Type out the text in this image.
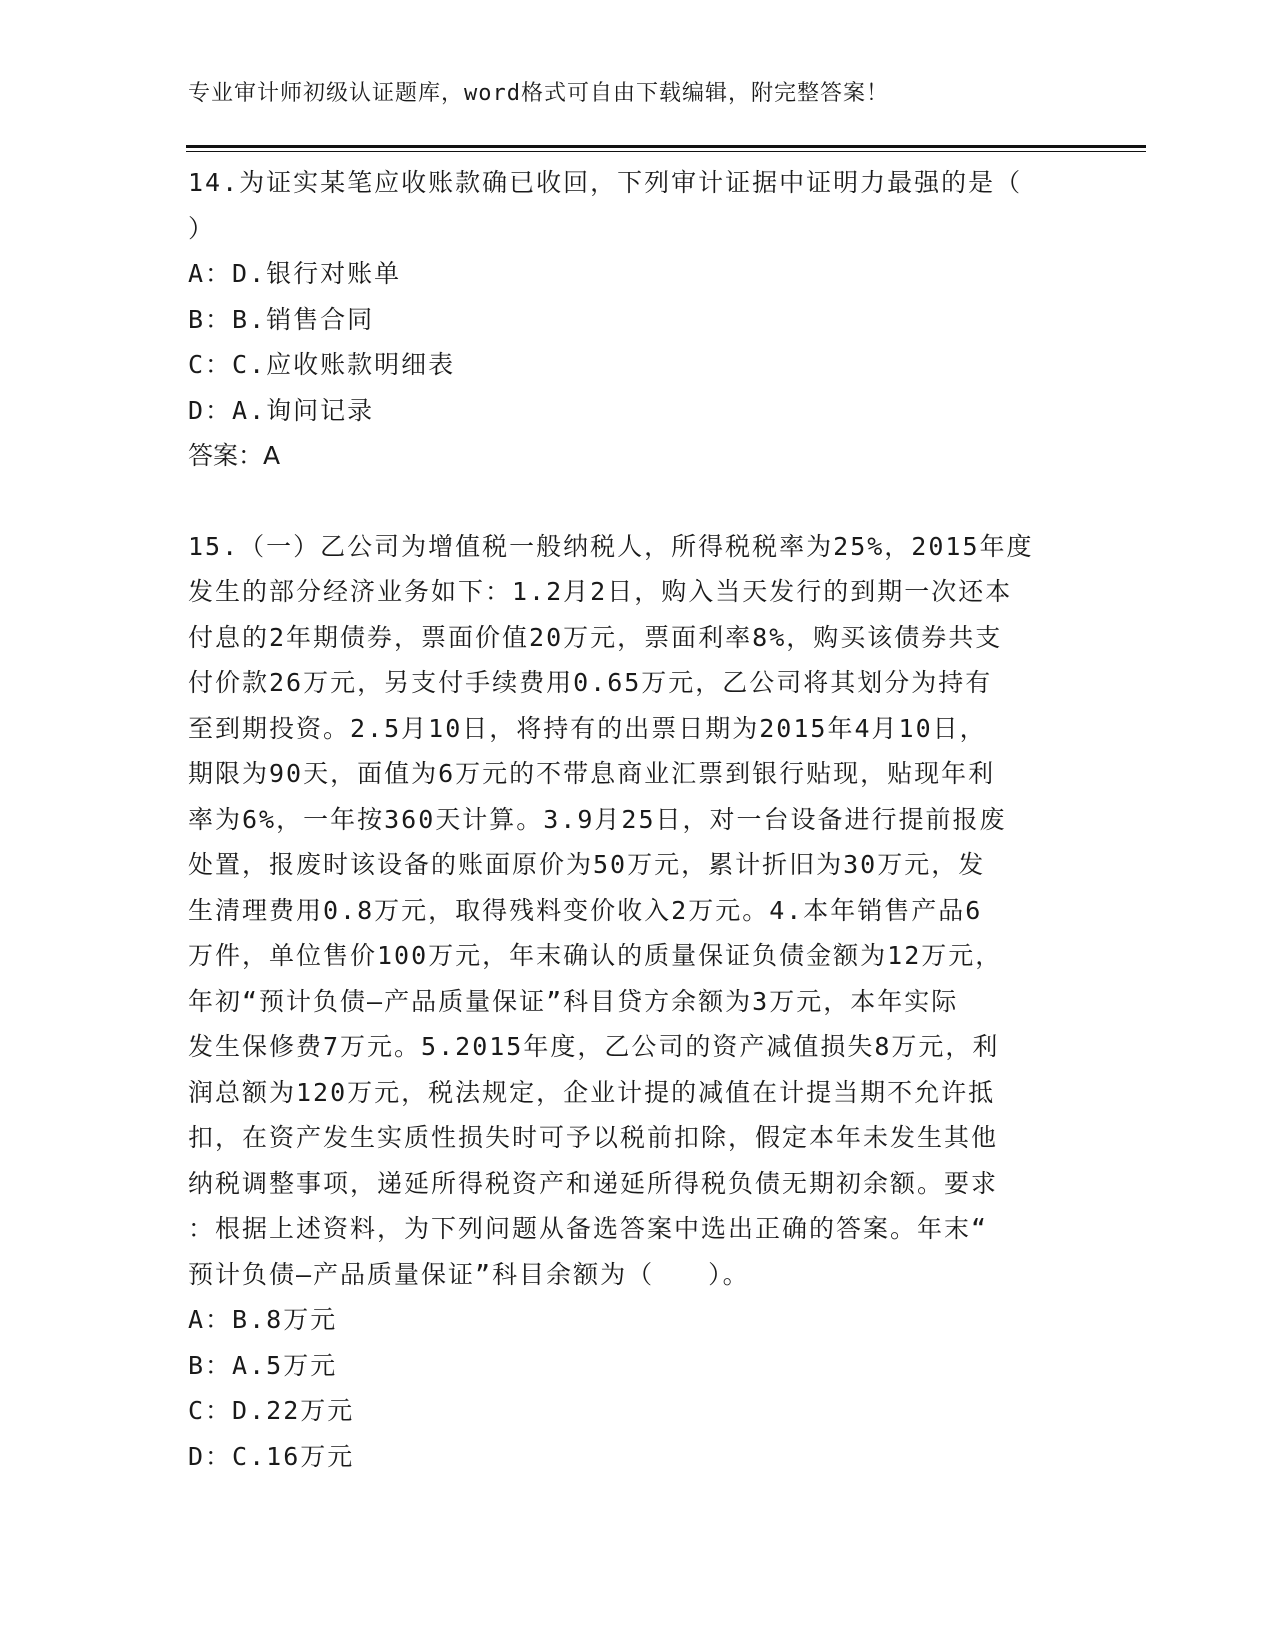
专业审计师初级认证题库，word格式可自由下载编辑，附完整答案！

14.为证实某笔应收账款确已收回，下列审计证据中证明力最强的是（
）

A：D.银行对账单

B：B.销售合同

C：C.应收账款明细表

D：A.询问记录

答案：A

15.（一）乙公司为增值税一般纳税人，所得税税率为25%，2015年度
发生的部分经济业务如下：1.2月2日，购入当天发行的到期一次还本
付息的2年期债券，票面价值20万元，票面利率8%，购买该债券共支
付价款26万元，另支付手续费用0.65万元，乙公司将其划分为持有
至到期投资。2.5月10日，将持有的出票日期为2015年4月10日，
期限为90天，面值为6万元的不带息商业汇票到银行贴现，贴现年利
率为6%，一年按360天计算。3.9月25日，对一台设备进行提前报废
处置，报废时该设备的账面原价为50万元，累计折旧为30万元，发
生清理费用0.8万元，取得残料变价收入2万元。4.本年销售产品6
万件，单位售价100万元，年末确认的质量保证负债金额为12万元，
年初“预计负债—产品质量保证”科目贷方余额为3万元，本年实际
发生保修费7万元。5.2015年度，乙公司的资产减值损失8万元，利
润总额为120万元，税法规定，企业计提的减值在计提当期不允许抵
扣，在资产发生实质性损失时可予以税前扣除，假定本年未发生其他
纳税调整事项，递延所得税资产和递延所得税负债无期初余额。要求
：根据上述资料，为下列问题从备选答案中选出正确的答案。年末“
预计负债—产品质量保证”科目余额为（　　）。

A：B.8万元

B：A.5万元

C：D.22万元

D：C.16万元
